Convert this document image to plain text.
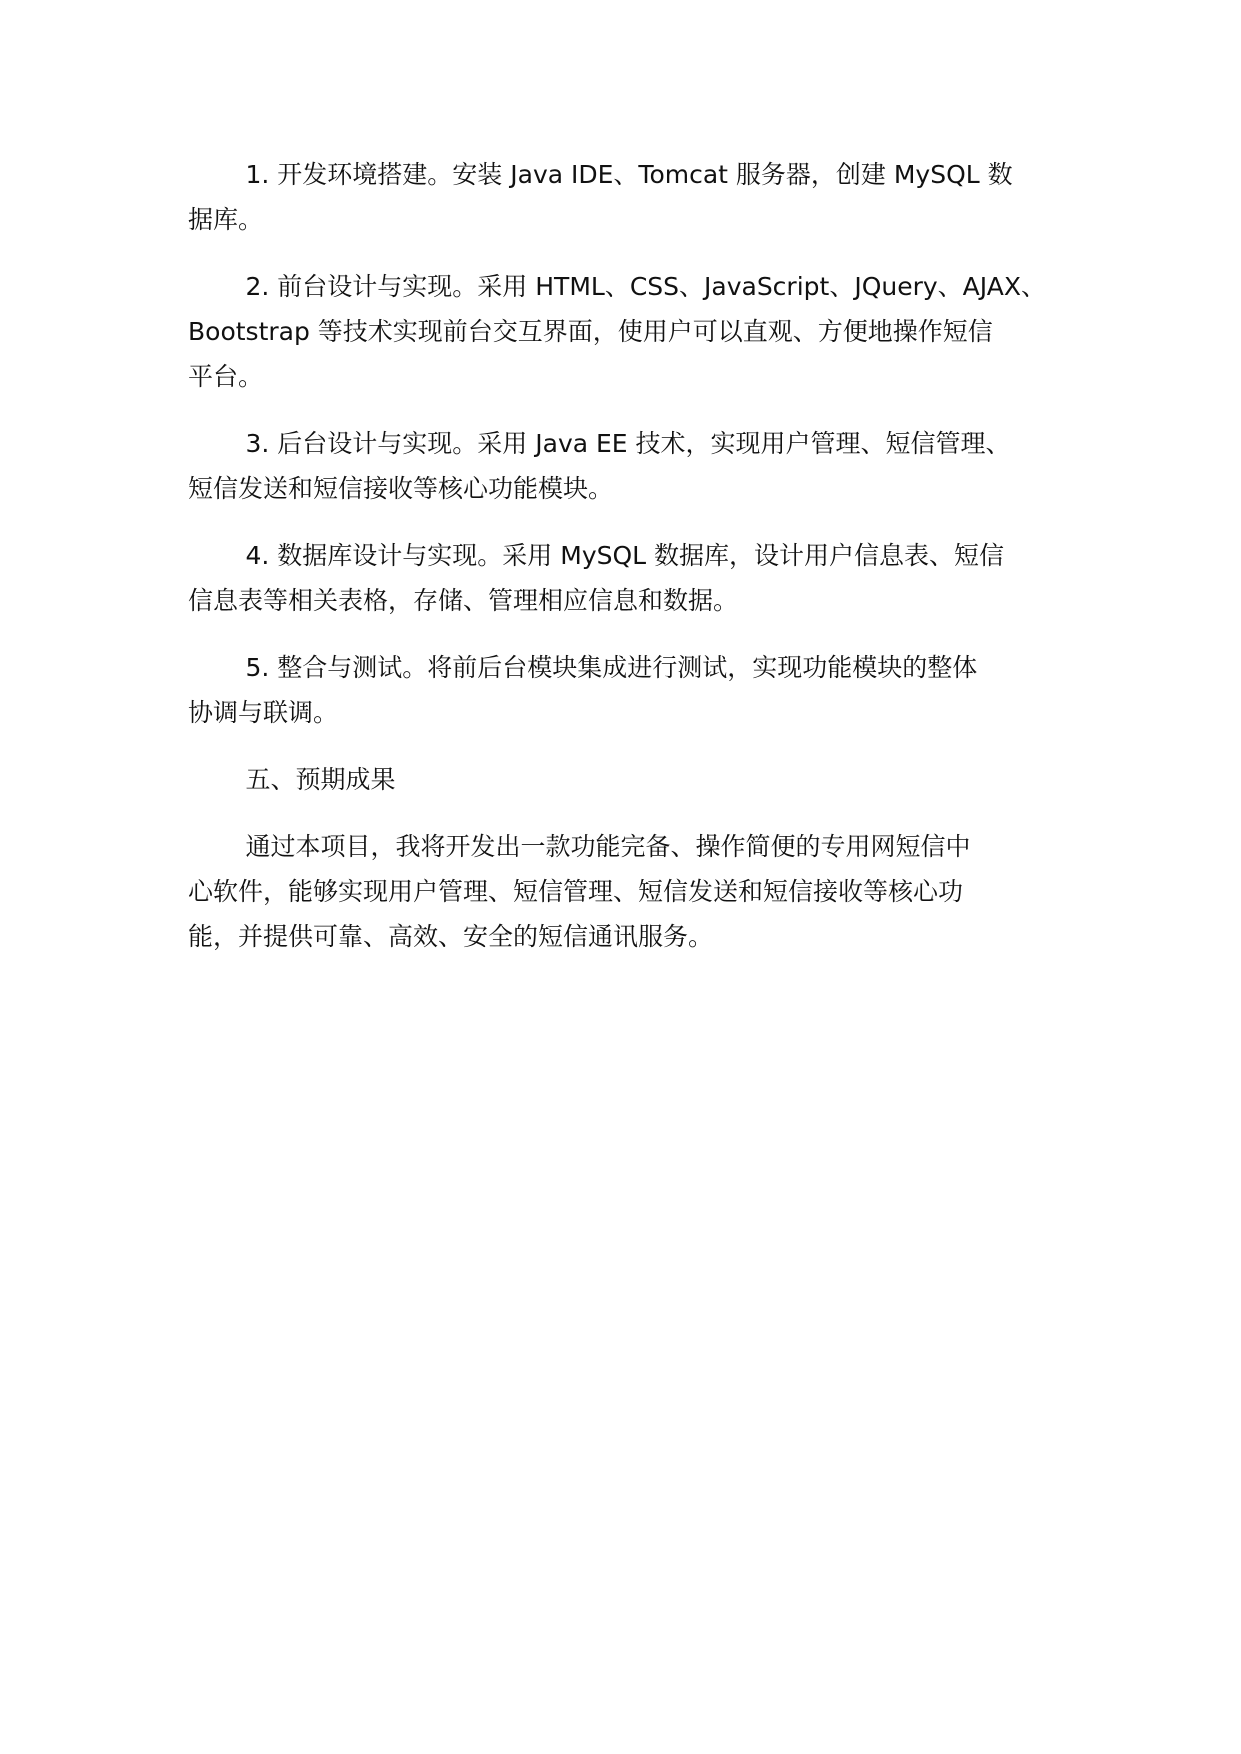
1. 开发环境搭建。安装 Java IDE、Tomcat 服务器，创建 MySQL 数
据库。

2. 前台设计与实现。采用 HTML、CSS、JavaScript、JQuery、AJAX、
Bootstrap 等技术实现前台交互界面，使用户可以直观、方便地操作短信
平台。

3. 后台设计与实现。采用 Java EE 技术，实现用户管理、短信管理、
短信发送和短信接收等核心功能模块。

4. 数据库设计与实现。采用 MySQL 数据库，设计用户信息表、短信
信息表等相关表格，存储、管理相应信息和数据。

5. 整合与测试。将前后台模块集成进行测试，实现功能模块的整体
协调与联调。

五、预期成果

通过本项目，我将开发出一款功能完备、操作简便的专用网短信中
心软件，能够实现用户管理、短信管理、短信发送和短信接收等核心功
能，并提供可靠、高效、安全的短信通讯服务。
